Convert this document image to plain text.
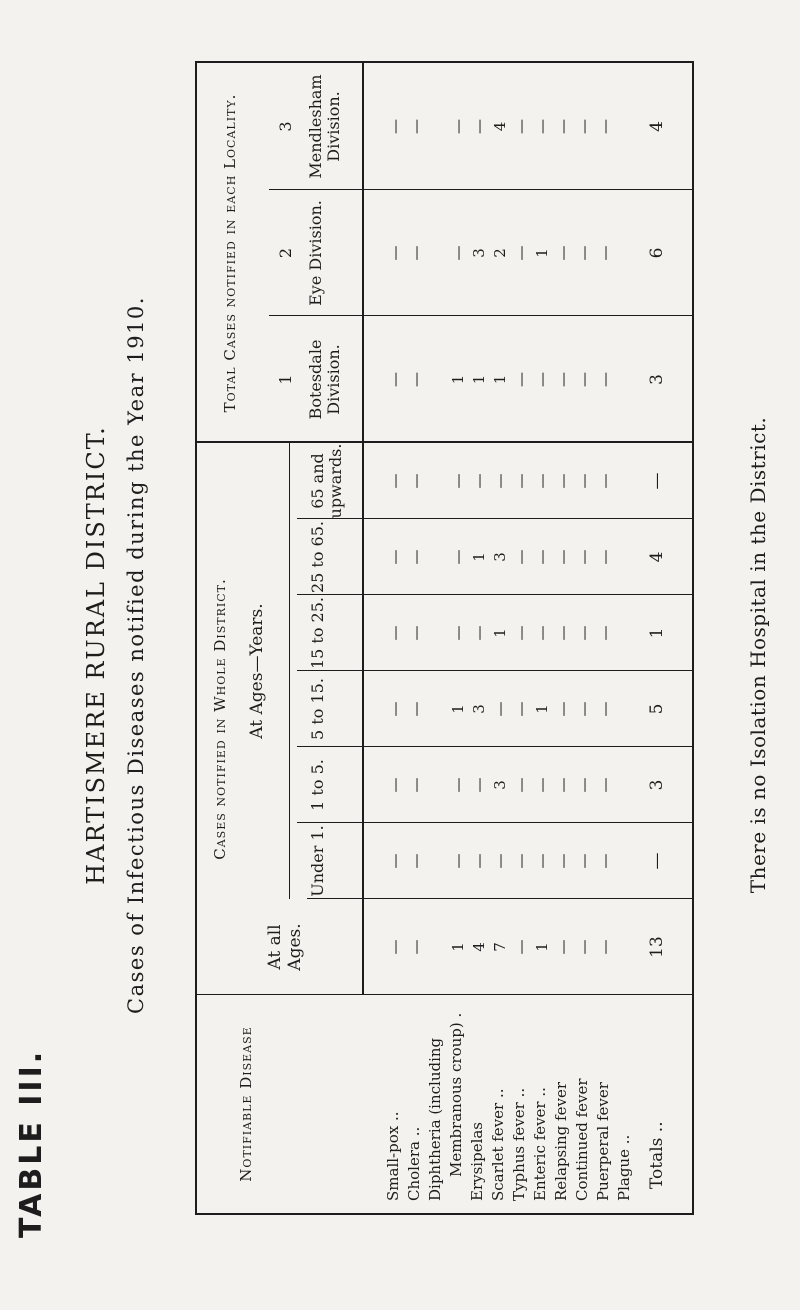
TABLE III.
HARTISMERE RURAL DISTRICT. Cases of Infectious Diseases notified during the Year 1910.
Notifiable Disease
Cases notified in Whole District.
At all Ages.
At Ages—Years.
Total Cases notified in each Locality.
Under 1.
1 to 5.
5 to 15.
15 to 25.
25 to 65.
65 and upwards.
1
2
3
Botesdale Division.
Eye Division.
Mendlesham Division.
Small-pox .. Cholera .. Diphtheria (including Membranous croup) . Erysipelas Scarlet fever .. Typhus fever .. Enteric fever .. Relapsing fever Continued fever Puerperal fever Plague ..
—
—
—
—
—
—
—
—
—
—
—
—
—
—
—
—
—
—
—
—
1
—
—
1
—
—
—
1
—
—
4
—
—
3
—
1
—
1
3
—
7
—
3
—
1
3
—
1
2
4
—
—
—
—
—
—
—
—
—
—
1
—
—
1
—
—
—
—
1
—
—
—
—
—
—
—
—
—
—
—
—
—
—
—
—
—
—
—
—
—
—
—
—
—
—
—
—
—
—
—
Totals ..
13
—
3
5
1
4
—
3
6
4
There is no Isolation Hospital in the District.
